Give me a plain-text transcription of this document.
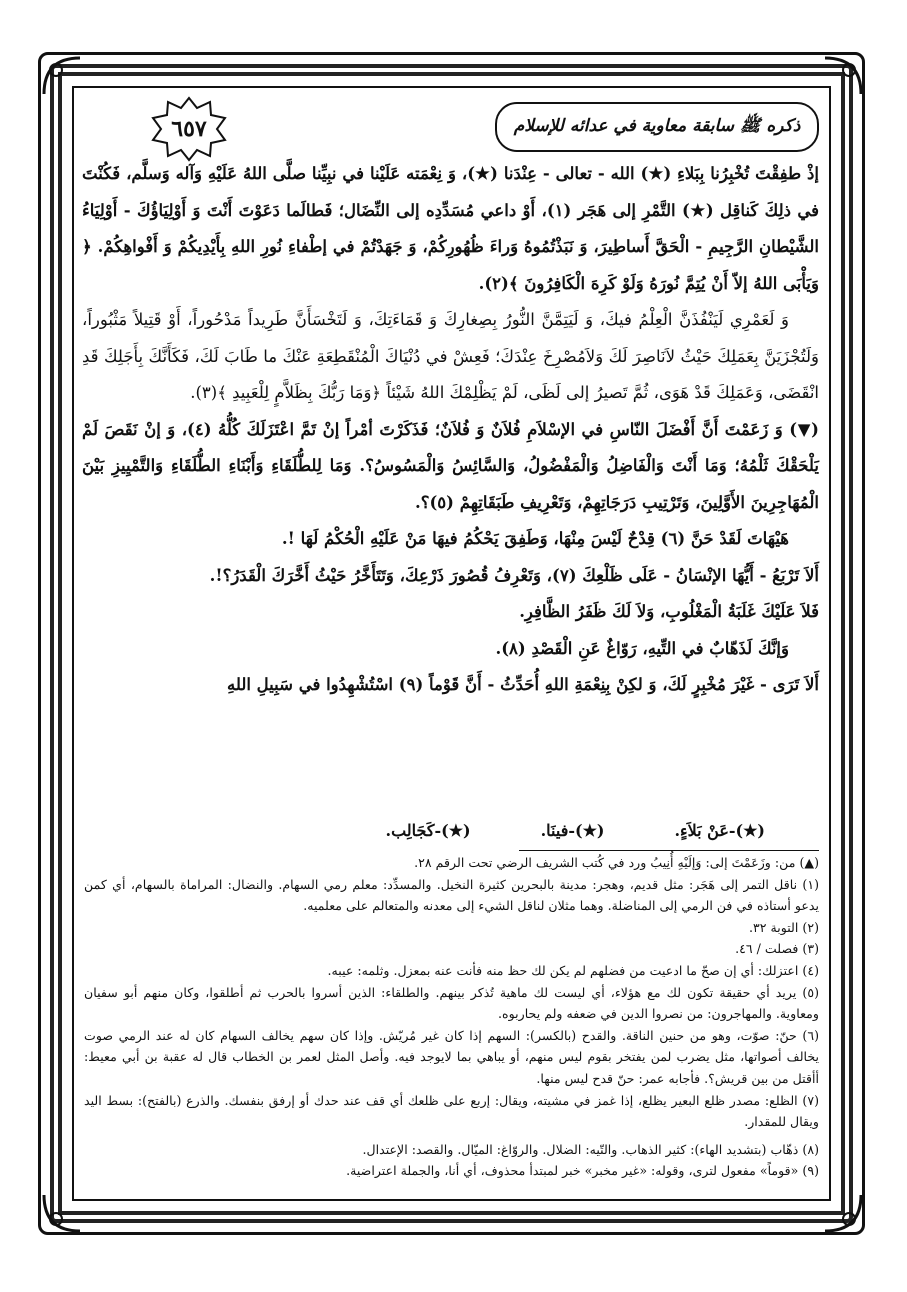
ذكره ﷺ سابقة معاوية في عدائه للإسلام
٦٥٧

إذْ طفِقْتَ تُخْبِرُنا بِبَلاءِ (★) الله - تعالى - عِنْدَنا (★)، وَ نِعْمَته عَلَيْنا في نبِيِّنا صلَّى اللهُ عَلَيْهِ وَآله وَسلَّم، فَكُنْتَ في ذلِكَ كَناقِل (★) التَّمْرِ إلى هَجَر (١)، أَوْ داعي مُسَدِّدِه إلى النِّضَال؛ فَطالَما دَعَوْتَ أَنْتَ وَ أَوْلِيَاؤُكَ - أَوْلِيَاءُ الشَّيْطانِ الرَّجِيمِ - الْحَقَّ أَساطِيرَ، وَ نَبَذْتُمُوهُ وَراءَ ظُهُورِكُمْ، وَ جَهَدْتُمْ في إطْفاءِ نُورِ اللهِ بِأَيْدِيكُمْ وَ أَفْواهِكُمْ. ﴿ وَيَأْبَى اللهُ إلاّ أَنْ يُتِمَّ نُورَهُ وَلَوْ كَرِهَ الْكَافِرُونَ ﴾(٢).

وَ لَعَمْرِي لَيَنْفُذَنَّ الْعِلْمُ فيكَ، وَ لَيَتِمَّنَّ النُّورُ بِصِغارِكَ وَ قَمَاءَتِكَ، وَ لَتَخْسَأَنَّ طَرِيداً مَدْحُوراً، أَوْ قَتِيلاً مَثْبُوراً، وَلَتُجْزَيَنَّ بِعَمَلِكَ حَيْثُ لاَنَاصِرَ لَكَ وَلاَمُصْرِخَ عِنْدَكَ؛ فَعِشْ في دُنْيَاكَ الْمُنْقَطِعَةِ عَنْكَ ما طَابَ لَكَ، فَكَأَنَّكَ بِأَجَلِكَ قَدِ انْقَضَى، وَعَمَلِكَ قَدْ هَوَى، ثُمَّ تَصيرُ إلى لَظَى، لَمْ يَظْلِمْكَ اللهُ شَيْئاً ﴿وَمَا رَبُّكَ بِظَلاَّمٍ لِلْعَبِيدِ ﴾(٣).

(▼) وَ زَعَمْتَ أَنَّ أَفْضَلَ النّاسِ في الإسْلاَمِ فُلاَنٌ وَ فُلاَنٌ؛ فَذَكَرْتَ أمْراً إنْ تَمَّ اعْتَزَلَكَ كُلُّهُ (٤)، وَ إنْ نَقَصَ لَمْ يَلْحَقْكَ ثَلْمُهُ؛ وَمَا أَنْتَ وَالْفَاضِلُ وَالْمَفْضُولُ، وَالسَّائِسُ وَالْمَسُوسُ؟. وَمَا لِلطُّلَقَاءِ وَأَبْنَاءِ الطُّلَقَاءِ وَالتَّمْيِيزِ بَيْنَ الْمُهَاجِرِينَ الأَوَّلِينَ، وَتَرْتِيبِ دَرَجَاتِهِمْ، وَتَعْرِيفِ طَبَقَاتِهِمْ (٥)؟.

هَيْهَاتَ لَقَدْ حَنَّ (٦) قِدْحٌ لَيْسَ مِنْهَا، وَطَفِقَ يَحْكُمُ فيهَا مَنْ عَلَيْهِ الْحُكْمُ لَهَا !.

أَلاَ تَرْبَعُ - أَيُّهَا الإنْسَانُ - عَلَى ظَلْعِكَ (٧)، وَتَعْرِفُ قُصُورَ ذَرْعِكَ، وَتَتَأَخَّرُ حَيْثُ أَخَّرَكَ الْقَدَرُ؟!.

فَلاَ عَلَيْكَ غَلَبَةُ الْمَغْلُوبِ، وَلاَ لَكَ ظَفَرُ الظَّافِرِ.

وَإنَّكَ لَذَهّابٌ في التِّيهِ، رَوّاغٌ عَنِ الْقَصْدِ (٨).

أَلاَ تَرَى - غَيْرَ مُخْبِرٍ لَكَ، وَ لكِنْ بِنِعْمَةِ اللهِ أُحَدِّثُ - أَنَّ قَوْماً (٩) اسْتُشْهِدُوا في سَبِيلِ اللهِ

(★)-عَنْ بَلاَءٍ.
(★)-فينَا.
(★)-كَجَالِب.

(▲) من: وزَعَمْتَ إلى: وَإلَيْهِ أُنِيبُ ورد في كُتب الشريف الرضي تحت الرقم ٢٨.

(١) ناقل التمر إلى هَجَر: مثل قديم، وهجر: مدينة بالبحرين كثيرة النخيل. والمسدِّد: معلم رمي السهام. والنضال: المراماة بالسهام، أي كمن يدعو أستاذه في فن الرمي إلى المناضلة. وهما مثلان لناقل الشيء إلى معدنه والمتعالم على معلميه.

(٢) التوبة ٣٢.

(٣) فصلت / ٤٦.

(٤) اعتزلك: أي إن صحّ ما ادعيت من فضلهم لم يكن لك حظ منه فأنت عنه بمعزل. وثلمه: عيبه.

(٥) يريد أي حقيقة تكون لك مع هؤلاء، أي ليست لك ماهية تُذكر بينهم. والطلقاء: الذين أسروا بالحرب ثم أطلقوا، وكان منهم أبو سفيان ومعاوية. والمهاجرون: من نصروا الدين في ضعفه ولم يحاربوه.

(٦) حنّ: صوّت، وهو من حنين الناقة. والقدح (بالكسر): السهم إذا كان غير مُريّش. وإذا كان سهم يخالف السهام كان له عند الرمي صوت يخالف أصواتها، مثل يضرب لمن يفتخر بقوم ليس منهم، أو يباهي بما لايوجد فيه. وأصل المثل لعمر بن الخطاب قال له عقبة بن أبي معيط: أأقتل من بين قريش؟. فأجابه عمر: حنّ قدح ليس منها.

(٧) الظلع: مصدر ظلع البعير يظلع، إذا غمز في مشيته، ويقال: إربع على ظلعك أي قف عند حدك أو إرفق بنفسك. والذرع (بالفتح): بسط اليد ويقال للمقدار.

(٨) ذهّاب (بتشديد الهاء): كثير الذهاب. والتّيه: الضلال. والروّاغ: الميّال. والقصد: الإعتدال.

(٩) «قوماً» مفعول لترى، وقوله: «غير مخبر» خبر لمبتدأ محذوف، أي أنا، والجملة اعتراضية.
